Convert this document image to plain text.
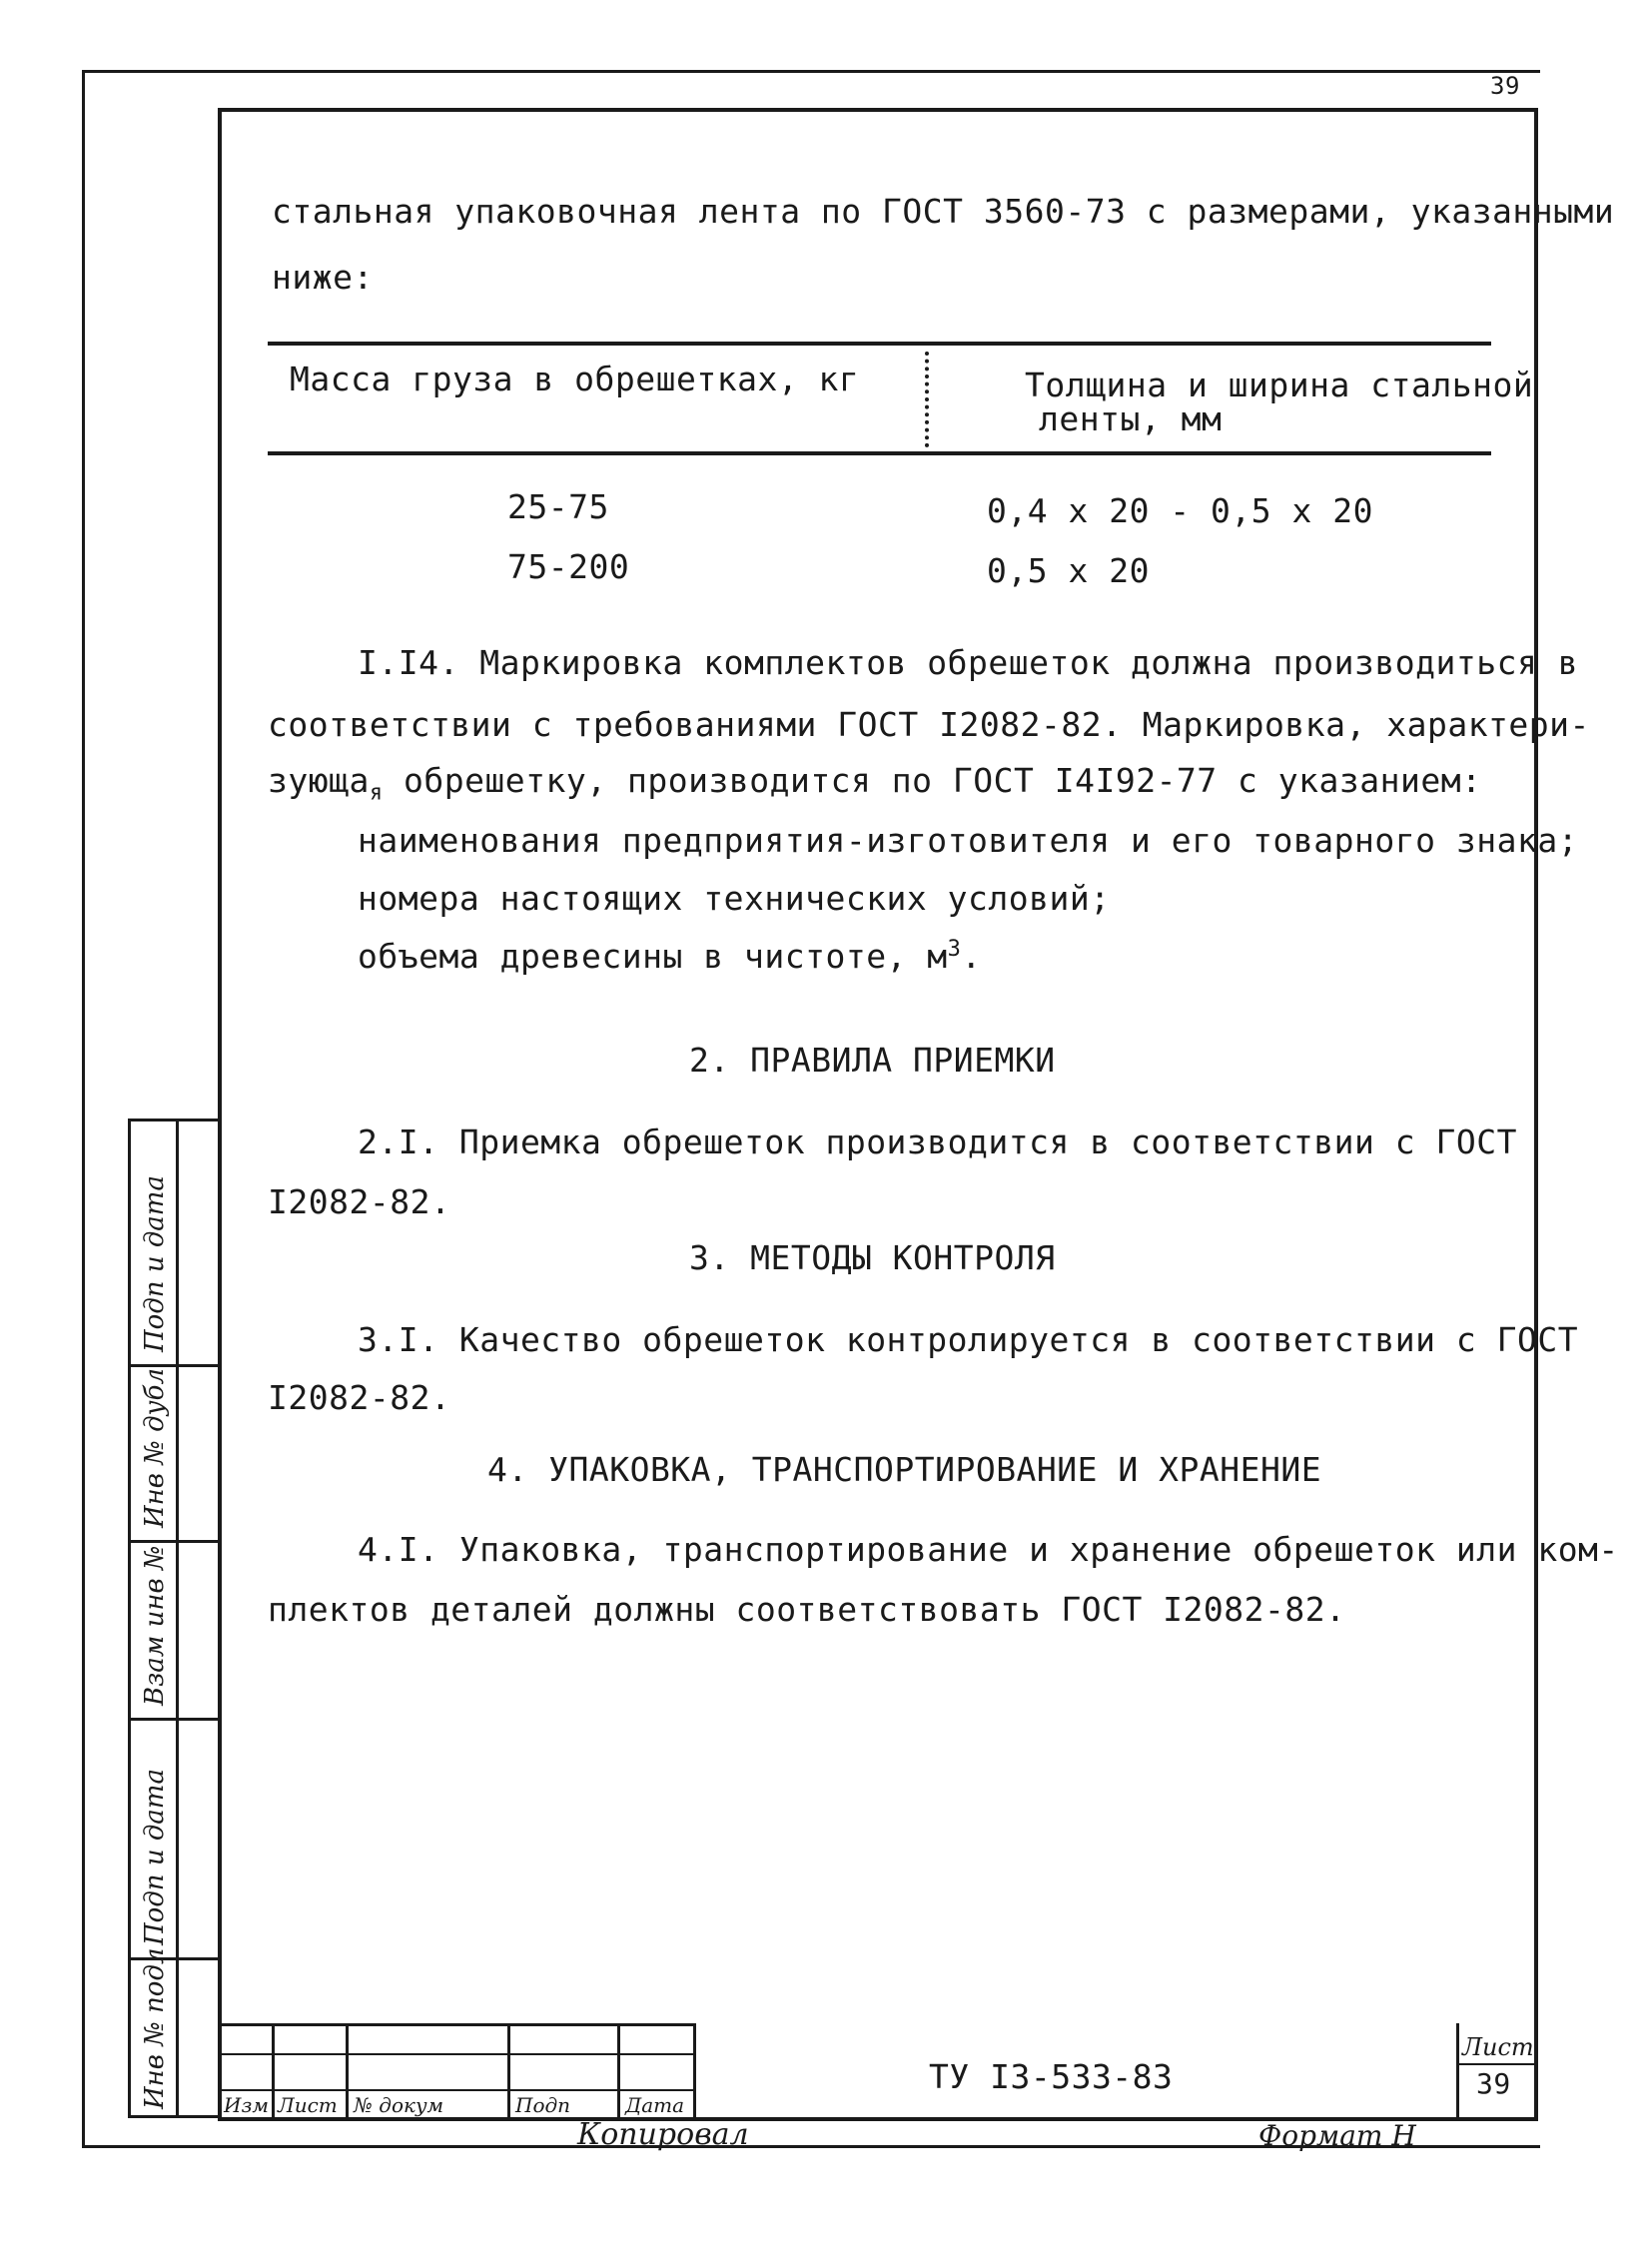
39
стальная упаковочная лента по ГОСТ 3560-73 с размерами, указанными
ниже:
Масса груза в обрешетках, кг	Толщина и ширина стальной
ленты, мм
25-75	0,4 x 20 - 0,5 x 20
75-200	0,5 x 20
I.I4. Маркировка комплектов обрешеток должна производиться в
соответствии с требованиями ГОСТ I2082-82. Маркировка, характери-
зующа$_я$ обрешетку, производится по ГОСТ I4I92-77 с указанием:
наименования предприятия-изготовителя и его товарного знака;
номера настоящих технических условий;
объема древесины в чистоте, $м^3$.
2. ПРАВИЛА ПРИЕМКИ
2.I. Приемка обрешеток производится в соответствии с ГОСТ
I2082-82.
3. МЕТОДЫ КОНТРОЛЯ
3.I. Качество обрешеток контролируется в соответствии с ГОСТ
I2082-82.
4. УПАКОВКА, ТРАНСПОРТИРОВАНИЕ И ХРАНЕНИЕ
4.I. Упаковка, транспортирование и хранение обрешеток или ком-
плектов деталей должны соответствовать ГОСТ I2082-82.
Подп и дата
Инв № дубл
Взам инв №
Подп и дата
Инв № подл	Изм Лист № докум	Подп	Дата
ТУ I3-533-83
Лист
39
Копировал	Формат Н
